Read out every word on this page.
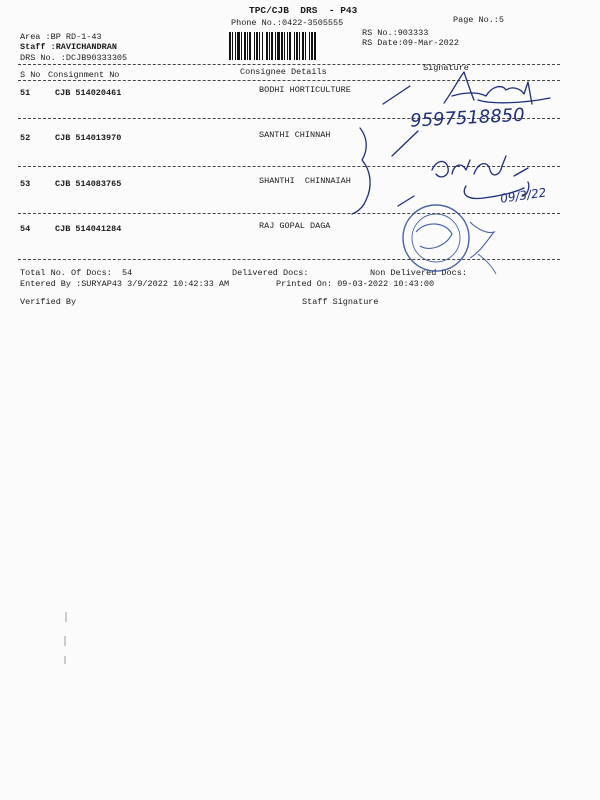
TPC/CJB  DRS  - P43
Phone No.:0422-3505555	Page No.:5
Area :BP RD-1-43
Staff :RAVICHANDRAN
DRS No. :DCJB90333305
RS No.:903333
RS Date:09-Mar-2022
S No Consignment No	Consignee Details	Signature
51	CJB 514020461	BODHI HORTICULTURE
52	CJB 514013970	SANTHI CHINNAH
53	CJB 514083765	SHANTHI  CHINNAIAH
54	CJB 514041284	RAJ GOPAL DAGA
Total No. Of Docs:  54	Delivered Docs:	Non Delivered Docs:
Entered By :SURYAP43 3/9/2022 10:42:33 AM	Printed On: 09-03-2022 10:43:00
Verified By	Staff Signature
9597518850
09/3/22
